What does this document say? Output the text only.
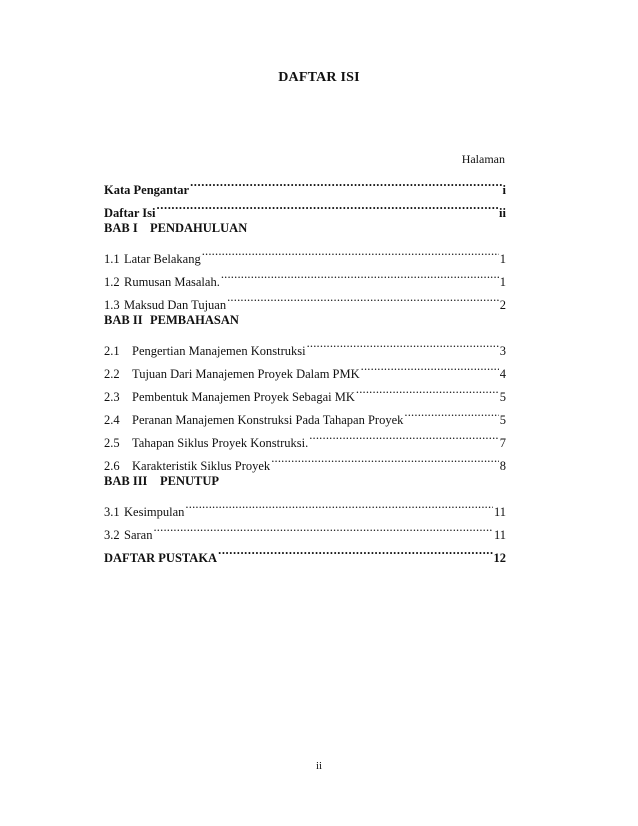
DAFTAR ISI
Halaman
Kata Pengantar .....	i
Daftar Isi .....	ii
BAB I PENDAHULUAN
1.1 Latar Belakang .....	1
1.2 Rumusan Masalah. .....	1
1.3 Maksud Dan Tujuan .....	2
BAB II PEMBAHASAN
2.1 Pengertian Manajemen Konstruksi .....	3
2.2 Tujuan Dari Manajemen Proyek Dalam PMK .....	4
2.3 Pembentuk Manajemen Proyek Sebagai MK .....	5
2.4 Peranan Manajemen Konstruksi Pada Tahapan Proyek .....	5
2.5 Tahapan Siklus Proyek Konstruksi. .....	7
2.6 Karakteristik Siklus Proyek .....	8
BAB III	PENUTUP
3.1 Kesimpulan .....	11
3.2 Saran .....	11
DAFTAR PUSTAKA .....	12
ii
